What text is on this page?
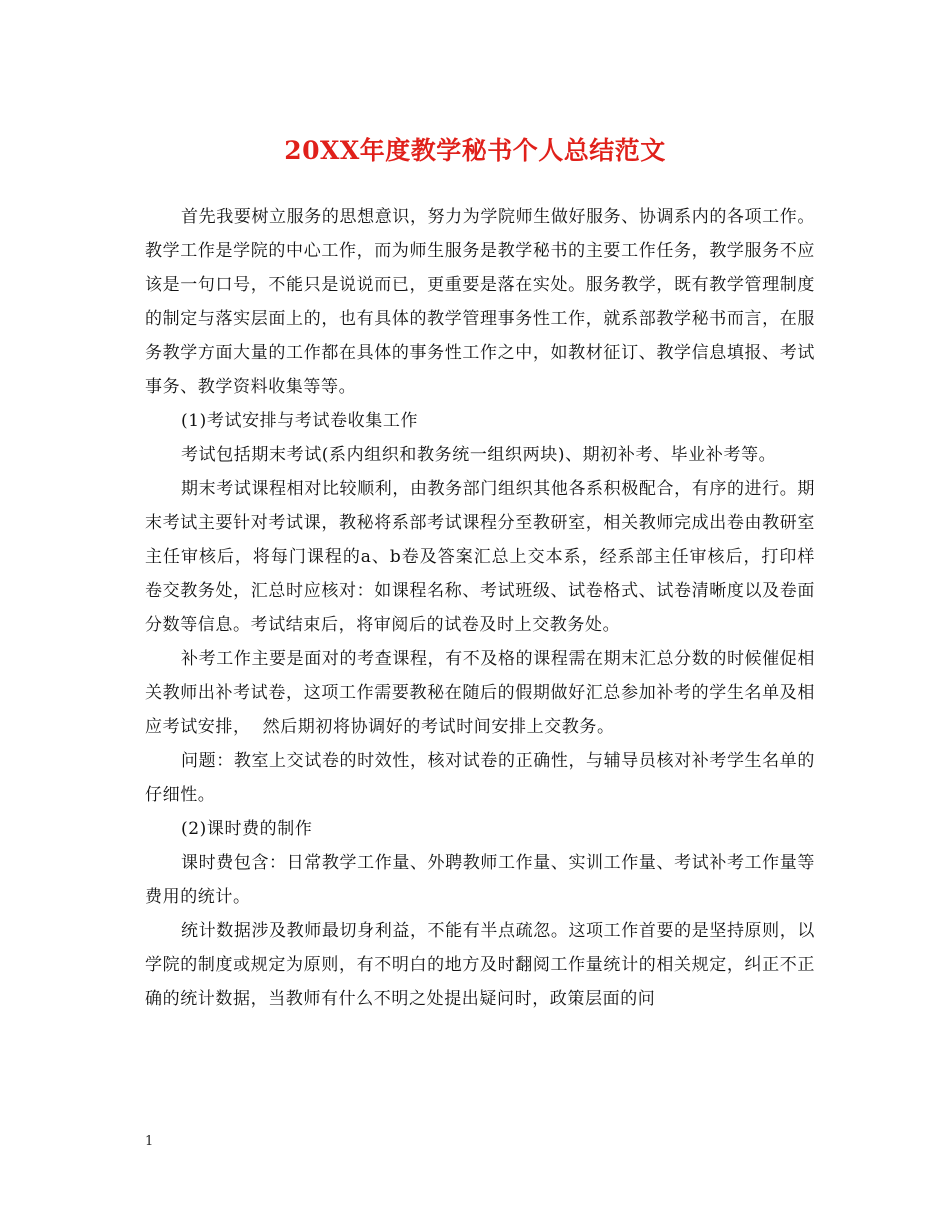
20XX年度教学秘书个人总结范文

首先我要树立服务的思想意识，努力为学院师生做好服务、协调系内的各项工作。教学工作是学院的中心工作，而为师生服务是教学秘书的主要工作任务，教学服务不应该是一句口号，不能只是说说而已，更重要是落在实处。服务教学，既有教学管理制度的制定与落实层面上的，也有具体的教学管理事务性工作，就系部教学秘书而言，在服务教学方面大量的工作都在具体的事务性工作之中，如教材征订、教学信息填报、考试事务、教学资料收集等等。

(1)考试安排与考试卷收集工作

考试包括期末考试(系内组织和教务统一组织两块)、期初补考、毕业补考等。

期末考试课程相对比较顺利，由教务部门组织其他各系积极配合，有序的进行。期末考试主要针对考试课，教秘将系部考试课程分至教研室，相关教师完成出卷由教研室主任审核后，将每门课程的a、b卷及答案汇总上交本系，经系部主任审核后，打印样卷交教务处，汇总时应核对：如课程名称、考试班级、试卷格式、试卷清晰度以及卷面分数等信息。考试结束后，将审阅后的试卷及时上交教务处。

补考工作主要是面对的考查课程，有不及格的课程需在期末汇总分数的时候催促相关教师出补考试卷，这项工作需要教秘在随后的假期做好汇总参加补考的学生名单及相应考试安排，  然后期初将协调好的考试时间安排上交教务。

问题：教室上交试卷的时效性，核对试卷的正确性，与辅导员核对补考学生名单的仔细性。

(2)课时费的制作

课时费包含：日常教学工作量、外聘教师工作量、实训工作量、考试补考工作量等费用的统计。

统计数据涉及教师最切身利益，不能有半点疏忽。这项工作首要的是坚持原则，以学院的制度或规定为原则，有不明白的地方及时翻阅工作量统计的相关规定，纠正不正确的统计数据，当教师有什么不明之处提出疑问时，政策层面的问

1
